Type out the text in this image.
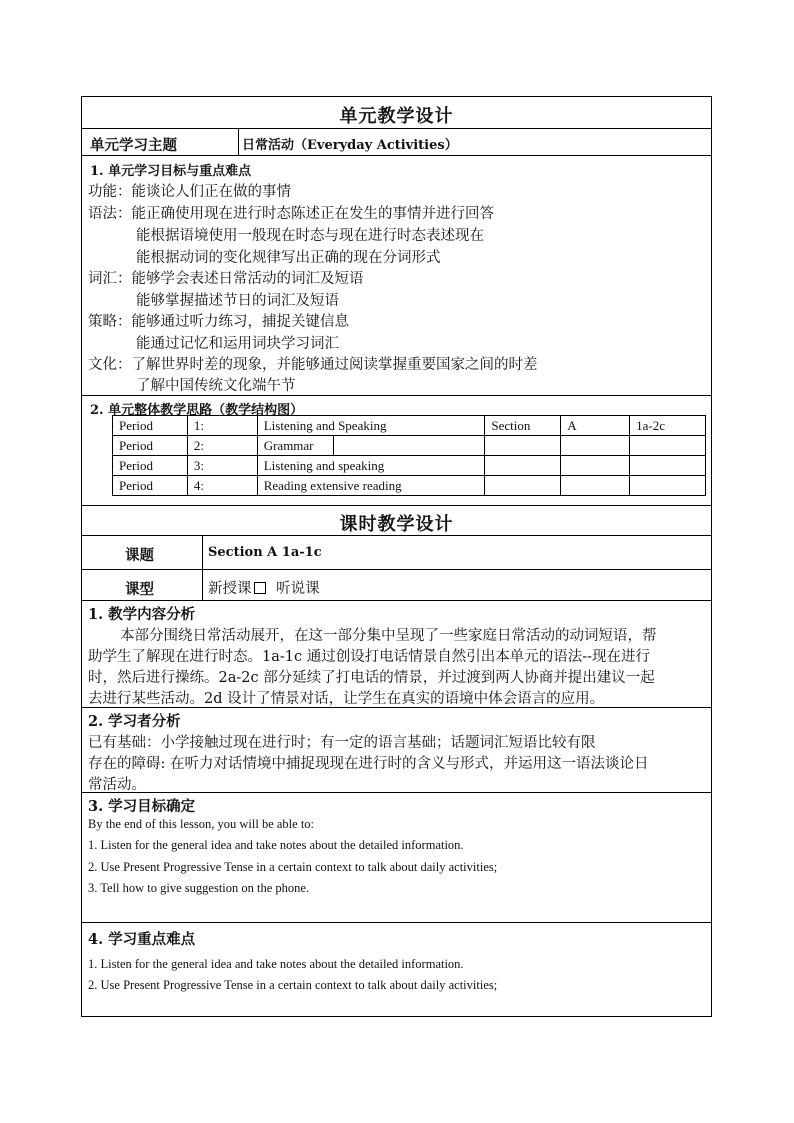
单元教学设计
单元学习主题	日常活动（Everyday Activities）
1. 单元学习目标与重点难点
功能：能谈论人们正在做的事情
语法：能正确使用现在进行时态陈述正在发生的事情并进行回答
能根据语境使用一般现在时态与现在进行时态表述现在
能根据动词的变化规律写出正确的现在分词形式
词汇：能够学会表述日常活动的词汇及短语
能够掌握描述节日的词汇及短语
策略：能够通过听力练习，捕捉关键信息
能通过记忆和运用词块学习词汇
文化：了解世界时差的现象，并能够通过阅读掌握重要国家之间的时差
了解中国传统文化端午节
2. 单元整体教学思路（教学结构图）
Period	1:	Listening and Speaking	Section	A	1a-2c
Period	2:	Grammar

Period	3:	Listening and speaking			
Period	4:	Reading extensive reading			
课时教学设计
课题	Section A 1a-1c
课型	新授课 听说课
1. 教学内容分析
本部分围绕日常活动展开，在这一部分集中呈现了一些家庭日常活动的动词短语，帮
助学生了解现在进行时态。1a-1c 通过创设打电话情景自然引出本单元的语法--现在进行
时，然后进行操练。2a-2c 部分延续了打电话的情景，并过渡到两人协商并提出建议一起
去进行某些活动。2d 设计了情景对话，让学生在真实的语境中体会语言的应用。
2. 学习者分析
已有基础：小学接触过现在进行时；有一定的语言基础；话题词汇短语比较有限
存在的障碍: 在听力对话情境中捕捉现现在进行时的含义与形式，并运用这一语法谈论日
常活动。
3. 学习目标确定
By the end of this lesson, you will be able to:
1. Listen for the general idea and take notes about the detailed information.
2. Use Present Progressive Tense in a certain context to talk about daily activities;
3. Tell how to give suggestion on the phone.
4. 学习重点难点
1. Listen for the general idea and take notes about the detailed information.
2. Use Present Progressive Tense in a certain context to talk about daily activities;
